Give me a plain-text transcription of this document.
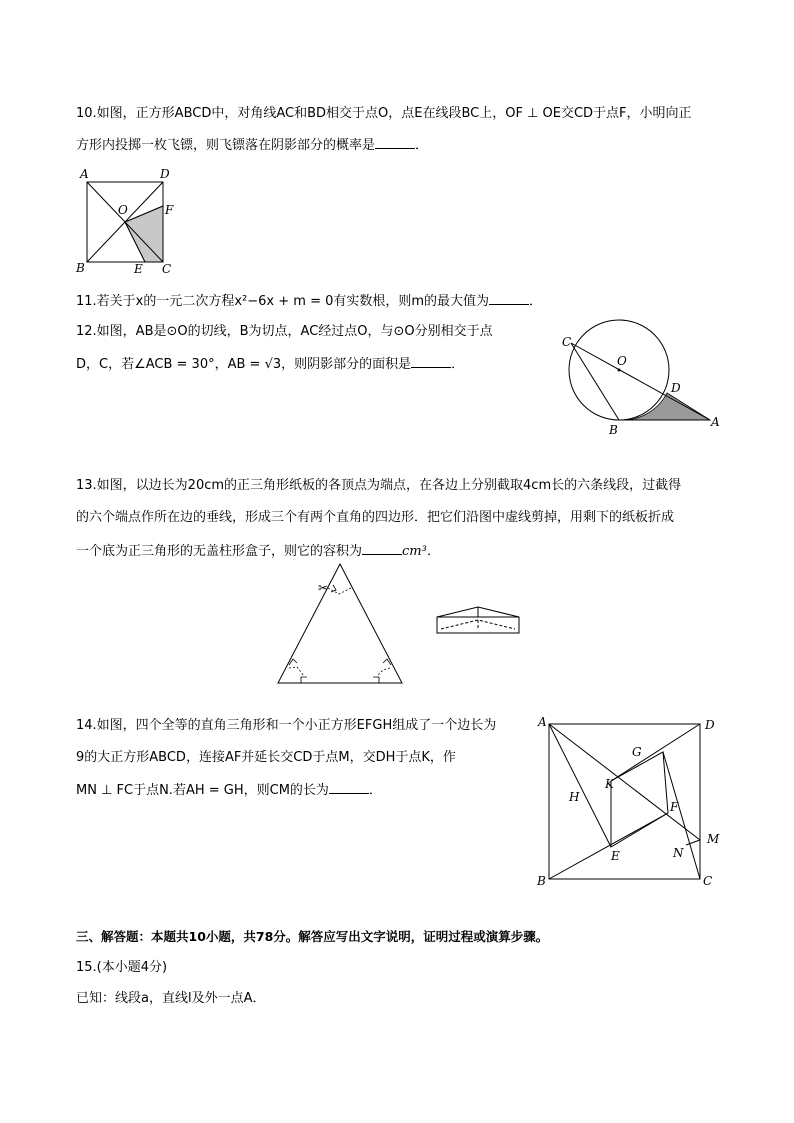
10.如图，正方形ABCD中，对角线AC和BD相交于点O，点E在线段BC上，OF ⊥ OE交CD于点F，小明向正
方形内投掷一枚飞镖，则飞镖落在阴影部分的概率是	．
A	D
O	F
B	E C
11.若关于x的一元二次方程x²−6x + m = 0有实数根，则m的最大值为	．
12.如图，AB是⊙O的切线，B为切点，AC经过点O，与⊙O分别相交于点
D，C，若∠ACB = 30°，AB = √3，则阴影部分的面积是	．
C
O
D
B
A
13.如图，以边长为20cm的正三角形纸板的各顶点为端点，在各边上分别截取4cm长的六条线段，过截得
的六个端点作所在边的垂线，形成三个有两个直角的四边形．把它们沿图中虚线剪掉，用剩下的纸板折成
一个底为正三角形的无盖柱形盒子，则它的容积为	cm³．
✂
14.如图，四个全等的直角三角形和一个小正方形EFGH组成了一个边长为
9的大正方形ABCD，连接AF并延长交CD于点M，交DH于点K，作
MN ⊥ FC于点N.若AH = GH，则CM的长为	．
A	D
G
K
H
F
M
N
E
B	C
三、解答题：本题共10小题，共78分。解答应写出文字说明，证明过程或演算步骤。
15.(本小题4分)
已知：线段a，直线l及外一点A．
